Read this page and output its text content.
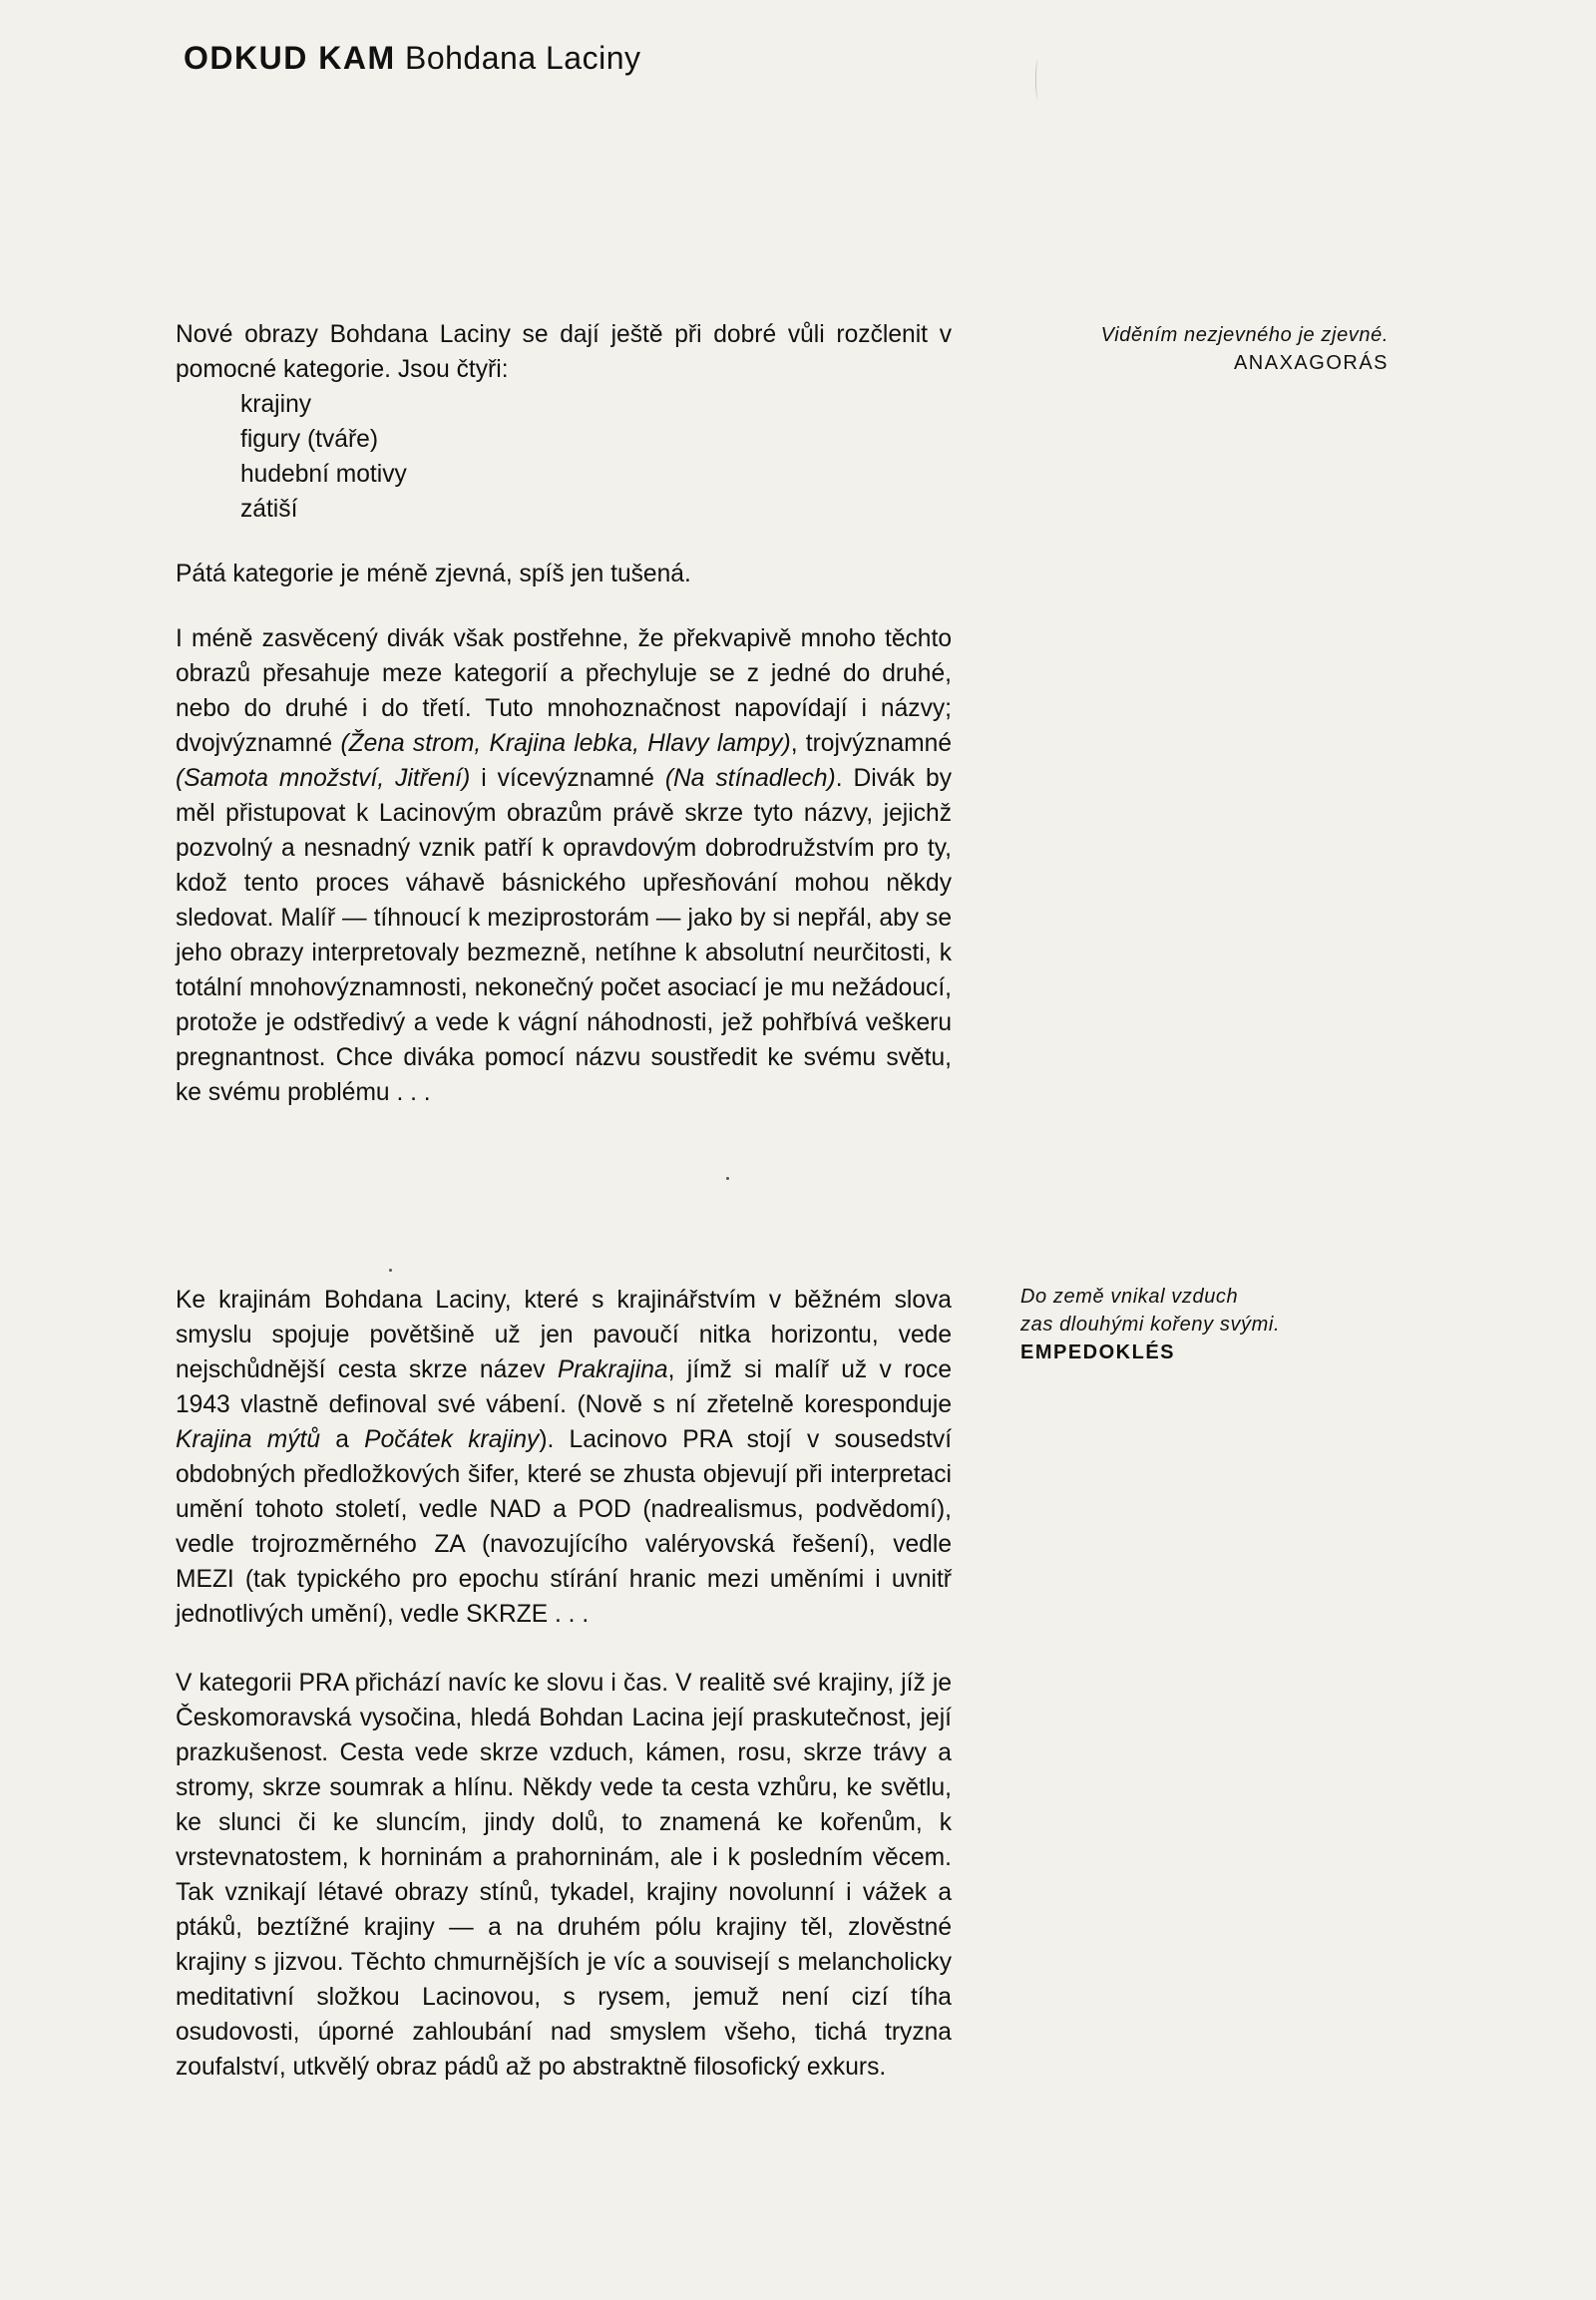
ODKUD KAM Bohdana Laciny
Viděním nezjevného je zjevné.
ANAXAGORÁS

Nové obrazy Bohdana Laciny se dají ještě při dobré vůli rozčlenit v pomocné kategorie. Jsou čtyři:

krajiny
figury (tváře)
hudební motivy
zátiší

Pátá kategorie je méně zjevná, spíš jen tušená.

I méně zasvěcený divák však postřehne, že překvapivě mnoho těchto obrazů přesahuje meze kategorií a přechyluje se z jedné do druhé, nebo do druhé i do třetí. Tuto mnohoznačnost napovídají i názvy; dvojvýznamné (Žena strom, Krajina lebka, Hlavy lampy), trojvýznamné (Samota množství, Jitření) i vícevýznamné (Na stínadlech). Divák by měl přistupovat k Lacinovým obrazům právě skrze tyto názvy, jejichž pozvolný a nesnadný vznik patří k opravdovým dobrodružstvím pro ty, kdož tento proces váhavě básnického upřesňování mohou někdy sledovat. Malíř — tíhnoucí k meziprostorám — jako by si nepřál, aby se jeho obrazy interpretovaly bezmezně, netíhne k absolutní neurčitosti, k totální mnohovýznamnosti, nekonečný počet asociací je mu nežádoucí, protože je odstředivý a vede k vágní náhodnosti, jež pohřbívá veškeru pregnantnost. Chce diváka pomocí názvu soustředit ke svému světu, ke svému problému . . .

Do země vnikal vzduch
zas dlouhými kořeny svými.
EMPEDOKLÉS

Ke krajinám Bohdana Laciny, které s krajinářstvím v běžném slova smyslu spojuje povětšině už jen pavoučí nitka horizontu, vede nejschůdnější cesta skrze název Prakrajina, jímž si malíř už v roce 1943 vlastně definoval své vábení. (Nově s ní zřetelně koresponduje Krajina mýtů a Počátek krajiny). Lacinovo PRA stojí v sousedství obdobných předložkových šifer, které se zhusta objevují při interpretaci umění tohoto století, vedle NAD a POD (nadrealismus, podvědomí), vedle trojrozměrného ZA (navozujícího valéryovská řešení), vedle MEZI (tak typického pro epochu stírání hranic mezi uměními i uvnitř jednotlivých umění), vedle SKRZE . . .

V kategorii PRA přichází navíc ke slovu i čas. V realitě své krajiny, jíž je Českomoravská vysočina, hledá Bohdan Lacina její praskutečnost, její prazkušenost. Cesta vede skrze vzduch, kámen, rosu, skrze trávy a stromy, skrze soumrak a hlínu. Někdy vede ta cesta vzhůru, ke světlu, ke slunci či ke sluncím, jindy dolů, to znamená ke kořenům, k vrstevnatostem, k horninám a prahorninám, ale i k posledním věcem. Tak vznikají létavé obrazy stínů, tykadel, krajiny novolunní i vážek a ptáků, beztížné krajiny — a na druhém pólu krajiny těl, zlověstné krajiny s jizvou. Těchto chmurnějších je víc a souvisejí s melancholicky meditativní složkou Lacinovou, s rysem, jemuž není cizí tíha osudovosti, úporné zahloubání nad smyslem všeho, tichá tryzna zoufalství, utkvělý obraz pádů až po abstraktně filosofický exkurs.
